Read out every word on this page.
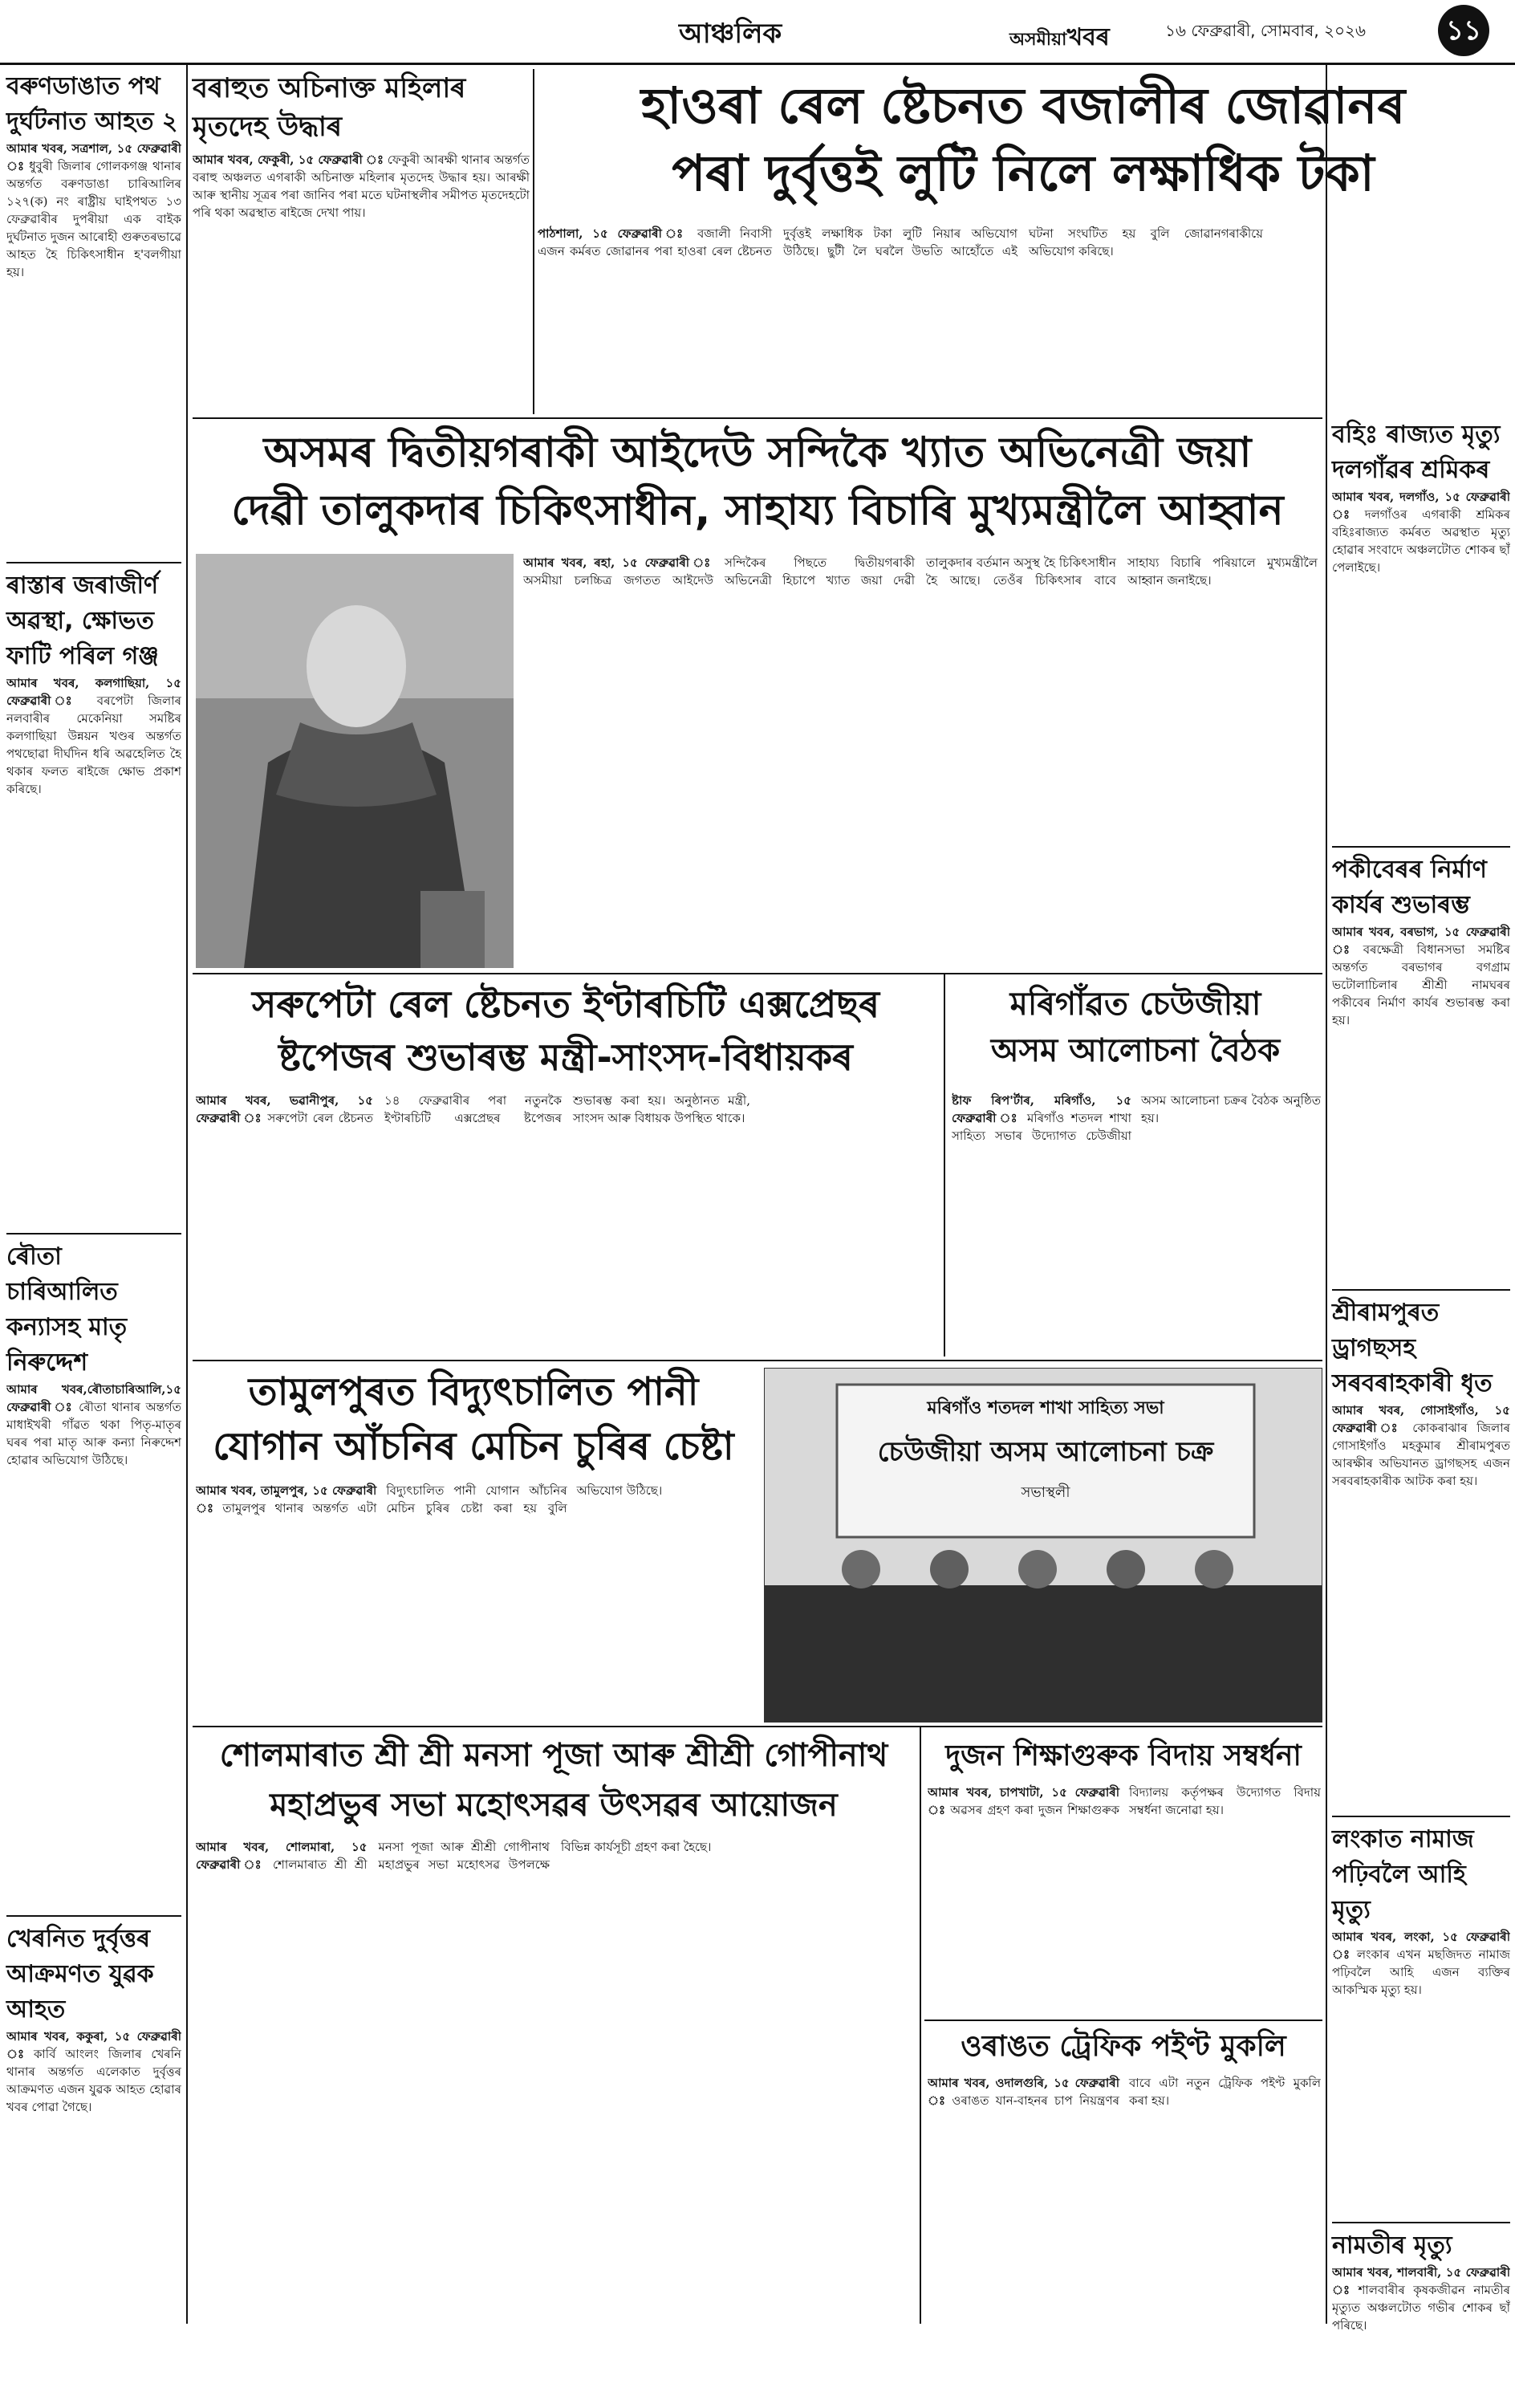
আঞ্চলিক	অসমীয়াখবৰ	১৬ ফেব্ৰুৱাৰী, সোমবাৰ, ২০২৬	১১
বৰুণডাঙাত পথ দুৰ্ঘটনাত আহত ২
আমাৰ খবৰ, সত্ৰশাল, ১৫ ফেব্ৰুৱাৰী ঃ ধুবুৰী জিলাৰ গোলকগঞ্জ থানাৰ অন্তৰ্গত বৰুণডাঙা চাৰিআলিৰ ১২৭(ক) নং ৰাষ্ট্ৰীয় ঘাইপথত ১৩ ফেব্ৰুৱাৰীৰ দুপৰীয়া এক বাইক দুৰ্ঘটনাত দুজন আৰোহী গুৰুতৰভাৱে আহত হৈ চিকিৎসাধীন হ'বলগীয়া হয়।
ৰাস্তাৰ জৰাজীৰ্ণ অৱস্থা, ক্ষোভত ফাটি পৰিল গঞ্জ
আমাৰ খবৰ, কলগাছিয়া, ১৫ ফেব্ৰুৱাৰী ঃ বৰপেটা জিলাৰ নলবাৰীৰ মেকেনিয়া সমষ্টিৰ কলগাছিয়া উন্নয়ন খণ্ডৰ অন্তৰ্গত পথছোৱা দীৰ্ঘদিন ধৰি অৱহেলিত হৈ থকাৰ ফলত ৰাইজে ক্ষোভ প্ৰকাশ কৰিছে।
ৰৌতা চাৰিআলিত কন্যাসহ মাতৃ নিৰুদ্দেশ
আমাৰ খবৰ,ৰৌতাচাৰিআলি,১৫ ফেব্ৰুৱাৰী ঃ ৰৌতা থানাৰ অন্তৰ্গত মাধাইখৰী গাঁৱত থকা পিতৃ-মাতৃৰ ঘৰৰ পৰা মাতৃ আৰু কন্যা নিৰুদ্দেশ হোৱাৰ অভিযোগ উঠিছে।
খেৰনিত দুৰ্বৃত্তৰ আক্ৰমণত যুৱক আহত
আমাৰ খবৰ, ককুৰা, ১৫ ফেব্ৰুৱাৰী ঃ কাৰ্বি আংলং জিলাৰ খেৰনি থানাৰ অন্তৰ্গত এলেকাত দুৰ্বৃত্তৰ আক্ৰমণত এজন যুৱক আহত হোৱাৰ খবৰ পোৱা গৈছে।
বৰাহুত অচিনাক্ত মহিলাৰ মৃতদেহ উদ্ধাৰ
আমাৰ খবৰ, ফেকুৰী, ১৫ ফেব্ৰুৱাৰী ঃ ফেকুৰী আৰক্ষী থানাৰ অন্তৰ্গত বৰাহু অঞ্চলত এগৰাকী অচিনাক্ত মহিলাৰ মৃতদেহ উদ্ধাৰ হয়। আৰক্ষী আৰু স্থানীয় সূত্ৰৰ পৰা জানিব পৰা মতে ঘটনাস্থলীৰ সমীপত মৃতদেহটো পৰি থকা অৱস্থাত ৰাইজে দেখা পায়।
হাওৰা ৰেল ষ্টেচনত বজালীৰ জোৱানৰ
পৰা দুৰ্বৃত্তই লুটি নিলে লক্ষাধিক টকা
পাঠশালা, ১৫ ফেব্ৰুৱাৰী ঃ বজালী নিবাসী এজন কৰ্মৰত জোৱানৰ পৰা হাওৰা ৰেল ষ্টেচনত দুৰ্বৃত্তই লক্ষাধিক টকা লুটি নিয়াৰ অভিযোগ উঠিছে। ছুটী লৈ ঘৰলৈ উভতি আহোঁতে এই ঘটনা সংঘটিত হয় বুলি জোৱানগৰাকীয়ে অভিযোগ কৰিছে।
বহিঃ ৰাজ্যত মৃত্যু দলগাঁৱৰ শ্ৰমিকৰ
আমাৰ খবৰ, দলগাঁও, ১৫ ফেব্ৰুৱাৰী ঃ দলগাঁওৰ এগৰাকী শ্ৰমিকৰ বহিঃৰাজ্যত কৰ্মৰত অৱস্থাত মৃত্যু হোৱাৰ সংবাদে অঞ্চলটোত শোকৰ ছাঁ পেলাইছে।
পকীবেৰৰ নিৰ্মাণ কাৰ্যৰ শুভাৰম্ভ
আমাৰ খবৰ, বৰভাগ, ১৫ ফেব্ৰুৱাৰী ঃ বৰক্ষেত্ৰী বিধানসভা সমষ্টিৰ অন্তৰ্গত বৰভাগৰ বগগ্ৰাম ভটোলাচিলাৰ শ্ৰীশ্ৰী নামঘৰৰ পকীবেৰ নিৰ্মাণ কাৰ্যৰ শুভাৰম্ভ কৰা হয়।
শ্ৰীৰামপুৰত ড্ৰাগছসহ সৰবৰাহকাৰী ধৃত
আমাৰ খবৰ, গোসাইগাঁও, ১৫ ফেব্ৰুৱাৰী ঃ কোকৰাঝাৰ জিলাৰ গোসাইগাঁও মহকুমাৰ শ্ৰীৰামপুৰত আৰক্ষীৰ অভিযানত ড্ৰাগছসহ এজন সৰবৰাহকাৰীক আটক কৰা হয়।
লংকাত নামাজ পঢ়িবলৈ আহি মৃত্যু
আমাৰ খবৰ, লংকা, ১৫ ফেব্ৰুৱাৰী ঃ লংকাৰ এখন মছজিদত নামাজ পঢ়িবলৈ আহি এজন ব্যক্তিৰ আকস্মিক মৃত্যু হয়।
নামতীৰ মৃত্যু
আমাৰ খবৰ, শালবাৰী, ১৫ ফেব্ৰুৱাৰী ঃ শালবাৰীৰ কৃষকজীৱন নামতীৰ মৃত্যুত অঞ্চলটোত গভীৰ শোকৰ ছাঁ পৰিছে।
অসমৰ দ্বিতীয়গৰাকী আইদেউ সন্দিকৈ খ্যাত অভিনেত্ৰী জয়া
দেৱী তালুকদাৰ চিকিৎসাধীন, সাহায্য বিচাৰি মুখ্যমন্ত্ৰীলৈ আহ্বান
আমাৰ খবৰ, ৰহা, ১৫ ফেব্ৰুৱাৰী ঃ অসমীয়া চলচ্চিত্ৰ জগতত আইদেউ সন্দিকৈৰ পিছতে দ্বিতীয়গৰাকী অভিনেত্ৰী হিচাপে খ্যাত জয়া দেৱী তালুকদাৰ বৰ্তমান অসুস্থ হৈ চিকিৎসাধীন হৈ আছে। তেওঁৰ চিকিৎসাৰ বাবে সাহায্য বিচাৰি পৰিয়ালে মুখ্যমন্ত্ৰীলৈ আহ্বান জনাইছে।
সৰুপেটা ৰেল ষ্টেচনত ইণ্টাৰচিটি এক্সপ্ৰেছৰ
ষ্টপেজৰ শুভাৰম্ভ মন্ত্ৰী-সাংসদ-বিধায়কৰ
আমাৰ খবৰ, ভৱানীপুৰ, ১৫ ফেব্ৰুৱাৰী ঃ সৰুপেটা ৰেল ষ্টেচনত ১৪ ফেব্ৰুৱাৰীৰ পৰা নতুনকৈ ইণ্টাৰচিটি এক্সপ্ৰেছৰ ষ্টপেজৰ শুভাৰম্ভ কৰা হয়। অনুষ্ঠানত মন্ত্ৰী, সাংসদ আৰু বিধায়ক উপস্থিত থাকে।
মৰিগাঁৱত চেউজীয়া
অসম আলোচনা বৈঠক
ষ্টাফ ৰিপ'ৰ্টাৰ, মৰিগাঁও, ১৫ ফেব্ৰুৱাৰী ঃ মৰিগাঁও শতদল শাখা সাহিত্য সভাৰ উদ্যোগত চেউজীয়া অসম আলোচনা চক্ৰৰ বৈঠক অনুষ্ঠিত হয়।
তামুলপুৰত বিদ্যুৎচালিত পানী
যোগান আঁচনিৰ মেচিন চুৰিৰ চেষ্টা
আমাৰ খবৰ, তামুলপুৰ, ১৫ ফেব্ৰুৱাৰী ঃ তামুলপুৰ থানাৰ অন্তৰ্গত এটা বিদ্যুৎচালিত পানী যোগান আঁচনিৰ মেচিন চুৰিৰ চেষ্টা কৰা হয় বুলি অভিযোগ উঠিছে।
মৰিগাঁও শতদল শাখা সাহিত্য সভা
চেউজীয়া অসম আলোচনা চক্ৰ
সভাস্থলী
শোলমাৰাত শ্ৰী শ্ৰী মনসা পূজা আৰু শ্ৰীশ্ৰী গোপীনাথ
মহাপ্ৰভুৰ সভা মহোৎসৱৰ উৎসৱৰ আয়োজন
আমাৰ খবৰ, শোলমাৰা, ১৫ ফেব্ৰুৱাৰী ঃ শোলমাৰাত শ্ৰী শ্ৰী মনসা পূজা আৰু শ্ৰীশ্ৰী গোপীনাথ মহাপ্ৰভুৰ সভা মহোৎসৱ উপলক্ষে বিভিন্ন কাৰ্যসূচী গ্ৰহণ কৰা হৈছে।
দুজন শিক্ষাগুৰুক বিদায় সম্বৰ্ধনা
আমাৰ খবৰ, চাপখাটা, ১৫ ফেব্ৰুৱাৰী ঃ অৱসৰ গ্ৰহণ কৰা দুজন শিক্ষাগুৰুক বিদ্যালয় কৰ্তৃপক্ষৰ উদ্যোগত বিদায় সম্বৰ্ধনা জনোৱা হয়।
ওৰাঙত ট্ৰেফিক পইণ্ট মুকলি
আমাৰ খবৰ, ওদালগুৰি, ১৫ ফেব্ৰুৱাৰী ঃ ওৰাঙত যান-বাহনৰ চাপ নিয়ন্ত্ৰণৰ বাবে এটা নতুন ট্ৰেফিক পইণ্ট মুকলি কৰা হয়।
